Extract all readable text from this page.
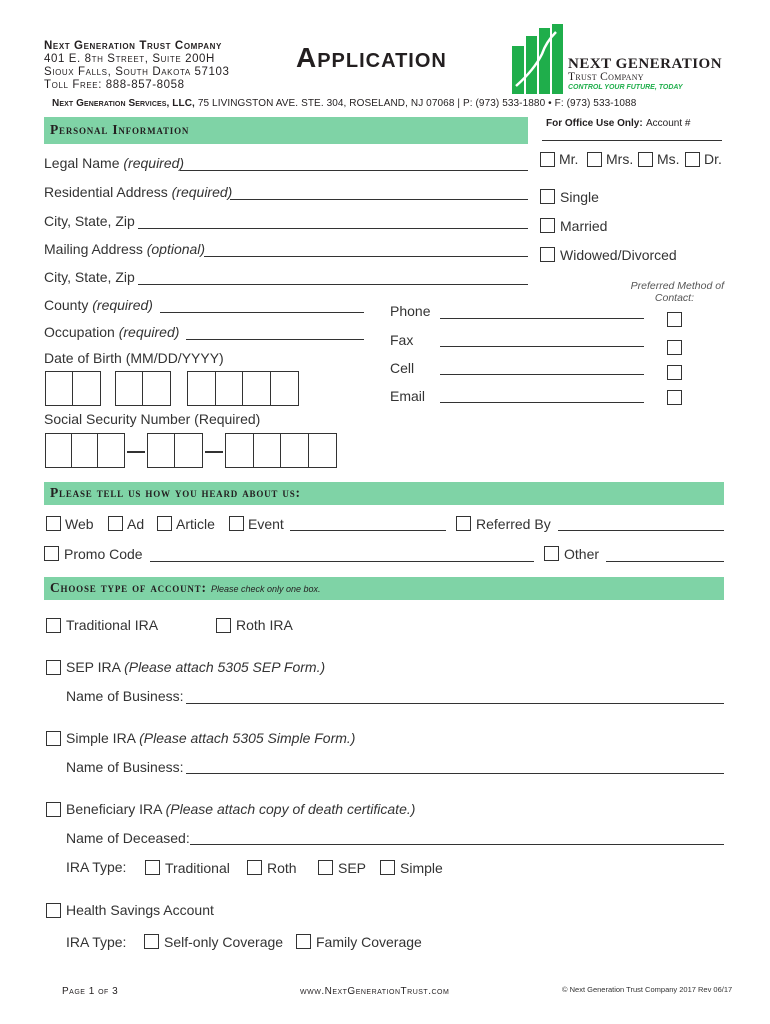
Next Generation Trust Company
401 E. 8th Street, Suite 200H
Sioux Falls, South Dakota 57103
Toll Free: 888-857-8058
Application	NEXT GENERATION
Trust Company
CONTROL YOUR FUTURE, TODAY
Next Generation Services, LLC, 75 LIVINGSTON AVE. STE. 304, ROSELAND, NJ 07068 | P: (973) 533-1880 • F: (973) 533-1088
Personal Information	For Office Use Only: Account #
Legal Name (required)
Residential Address (required)
City, State, Zip
Mailing Address (optional)
City, State, Zip
County (required)
Occupation (required)
Date of Birth (MM/DD/YYYY)
Social Security Number (Required)
Mr. Mrs. Ms. Dr.
Single
Married
Widowed/Divorced
Preferred Method of
Contact:
Phone
Fax
Cell
Email
Please tell us how you heard about us:
Web Ad Article Event	Referred By
Promo Code	Other
Choose type of account: Please check only one box.
Traditional IRA	Roth IRA
SEP IRA (Please attach 5305 SEP Form.)
Name of Business:
Simple IRA (Please attach 5305 Simple Form.)
Name of Business:
Beneficiary IRA (Please attach copy of death certificate.)
Name of Deceased:
IRA Type:	Traditional	Roth	SEP Simple
Health Savings Account
IRA Type:	Self-only Coverage Family Coverage
Page 1 of 3	www.NextGenerationTrust.com	© Next Generation Trust Company 2017 Rev 06/17
